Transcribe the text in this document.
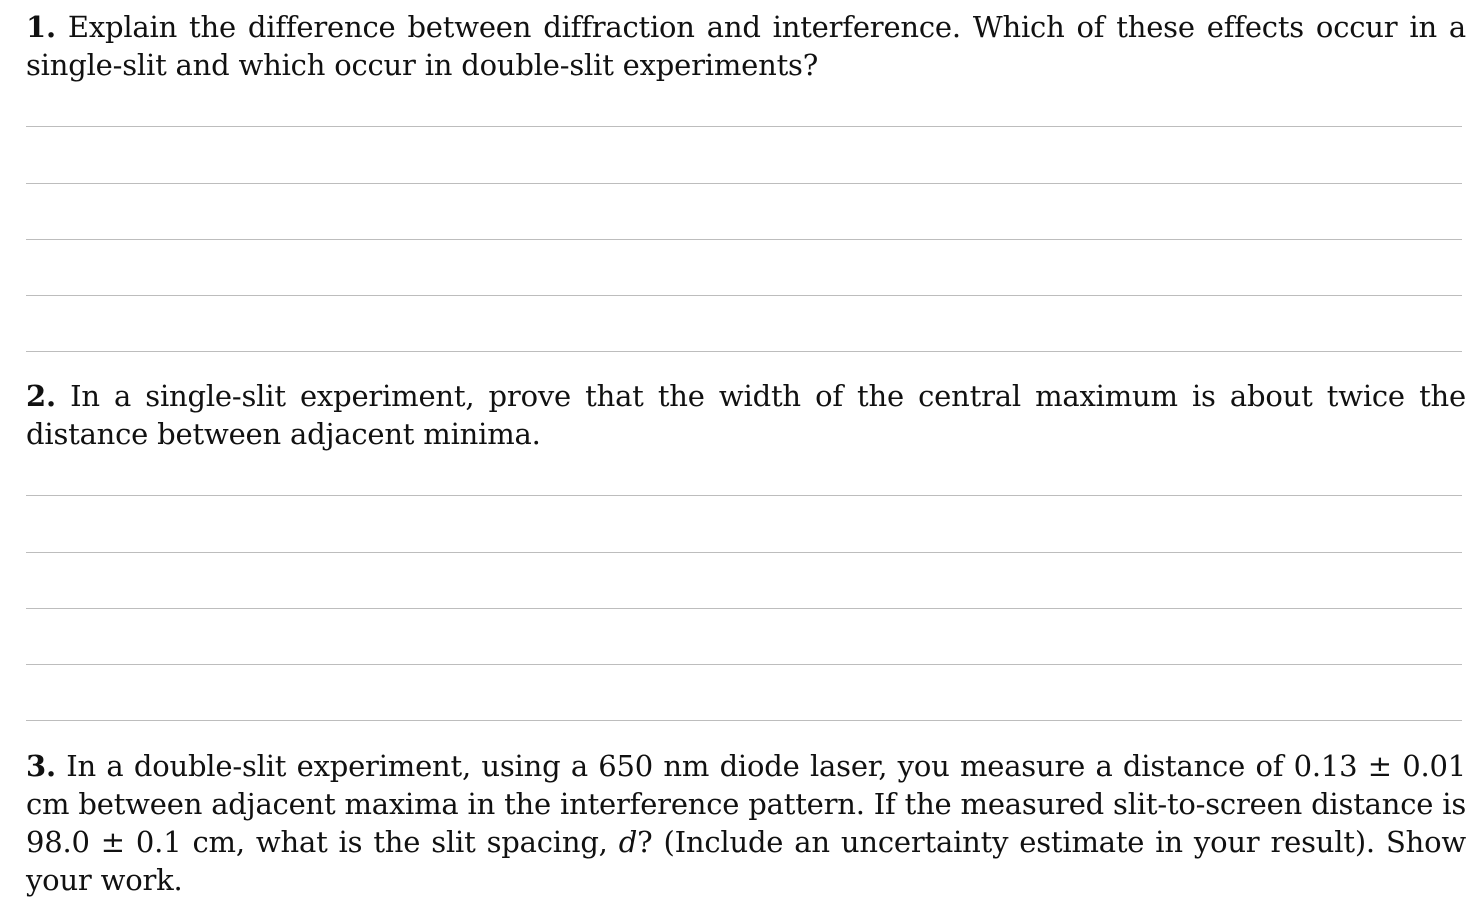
1. Explain the difference between diffraction and interference. Which of these effects occur in a single-slit and which occur in double-slit experiments?
2. In a single-slit experiment, prove that the width of the central maximum is about twice the distance between adjacent minima.
3. In a double-slit experiment, using a 650 nm diode laser, you measure a distance of 0.13 ± 0.01 cm between adjacent maxima in the interference pattern. If the measured slit-to-screen distance is 98.0 ± 0.1 cm, what is the slit spacing, d? (Include an uncertainty estimate in your result). Show your work.
